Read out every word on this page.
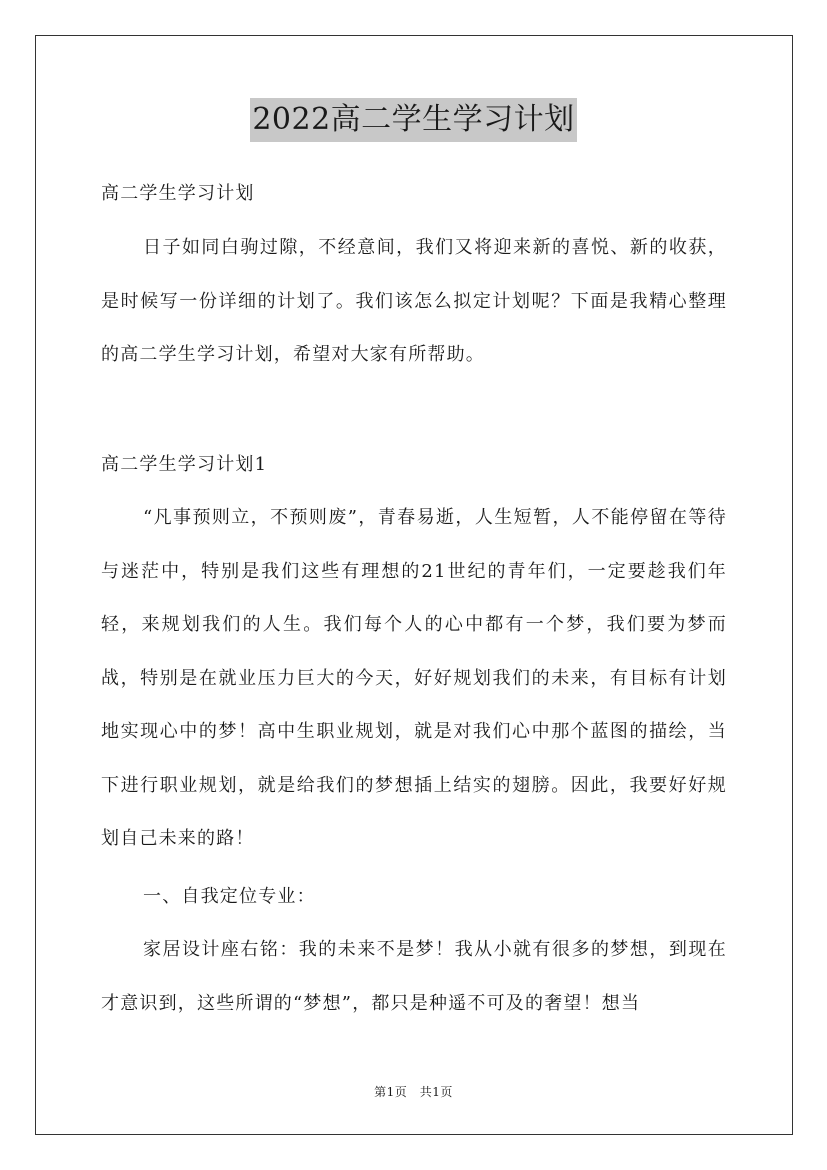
2022高二学生学习计划

高二学生学习计划

日子如同白驹过隙，不经意间，我们又将迎来新的喜悦、新的收获，是时候写一份详细的计划了。我们该怎么拟定计划呢？下面是我精心整理的高二学生学习计划，希望对大家有所帮助。

高二学生学习计划1

“凡事预则立，不预则废”，青春易逝，人生短暂，人不能停留在等待与迷茫中，特别是我们这些有理想的21世纪的青年们，一定要趁我们年轻，来规划我们的人生。我们每个人的心中都有一个梦，我们要为梦而战，特别是在就业压力巨大的今天，好好规划我们的未来，有目标有计划地实现心中的梦！高中生职业规划，就是对我们心中那个蓝图的描绘，当下进行职业规划，就是给我们的梦想插上结实的翅膀。因此，我要好好规划自己未来的路！

一、自我定位专业：

家居设计座右铭：我的未来不是梦！我从小就有很多的梦想，到现在才意识到，这些所谓的“梦想”，都只是种遥不可及的奢望！想当

第1页　共1页
